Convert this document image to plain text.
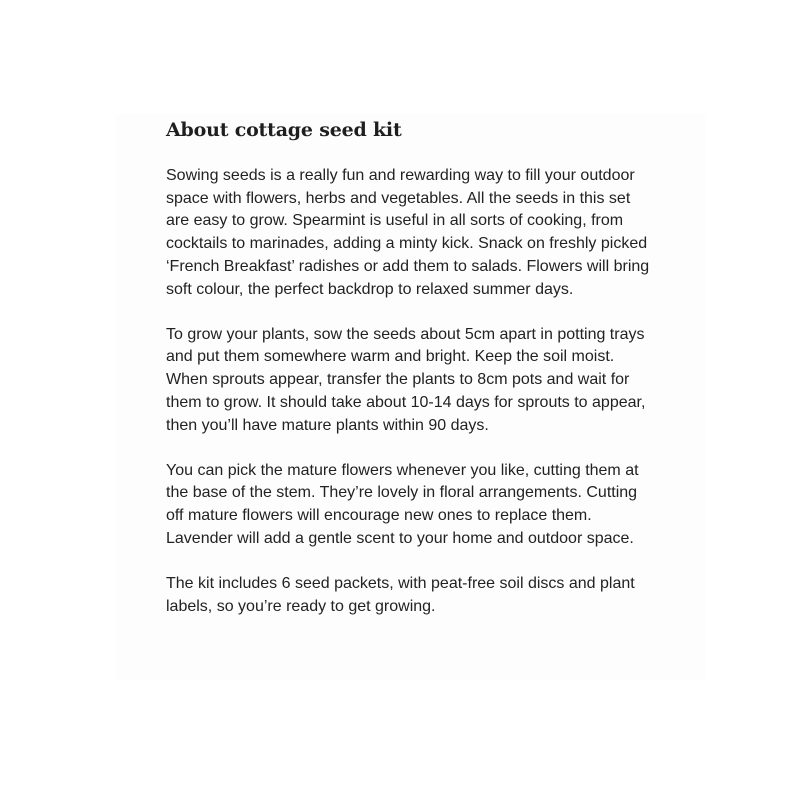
About cottage seed kit

Sowing seeds is a really fun and rewarding way to fill your outdoor space with flowers, herbs and vegetables. All the seeds in this set are easy to grow. Spearmint is useful in all sorts of cooking, from cocktails to marinades, adding a minty kick. Snack on freshly picked ‘French Breakfast’ radishes or add them to salads. Flowers will bring soft colour, the perfect backdrop to relaxed summer days.

To grow your plants, sow the seeds about 5cm apart in potting trays and put them somewhere warm and bright. Keep the soil moist. When sprouts appear, transfer the plants to 8cm pots and wait for them to grow. It should take about 10-14 days for sprouts to appear, then you’ll have mature plants within 90 days.

You can pick the mature flowers whenever you like, cutting them at the base of the stem. They’re lovely in floral arrangements. Cutting off mature flowers will encourage new ones to replace them. Lavender will add a gentle scent to your home and outdoor space.

The kit includes 6 seed packets, with peat-free soil discs and plant labels, so you’re ready to get growing.
